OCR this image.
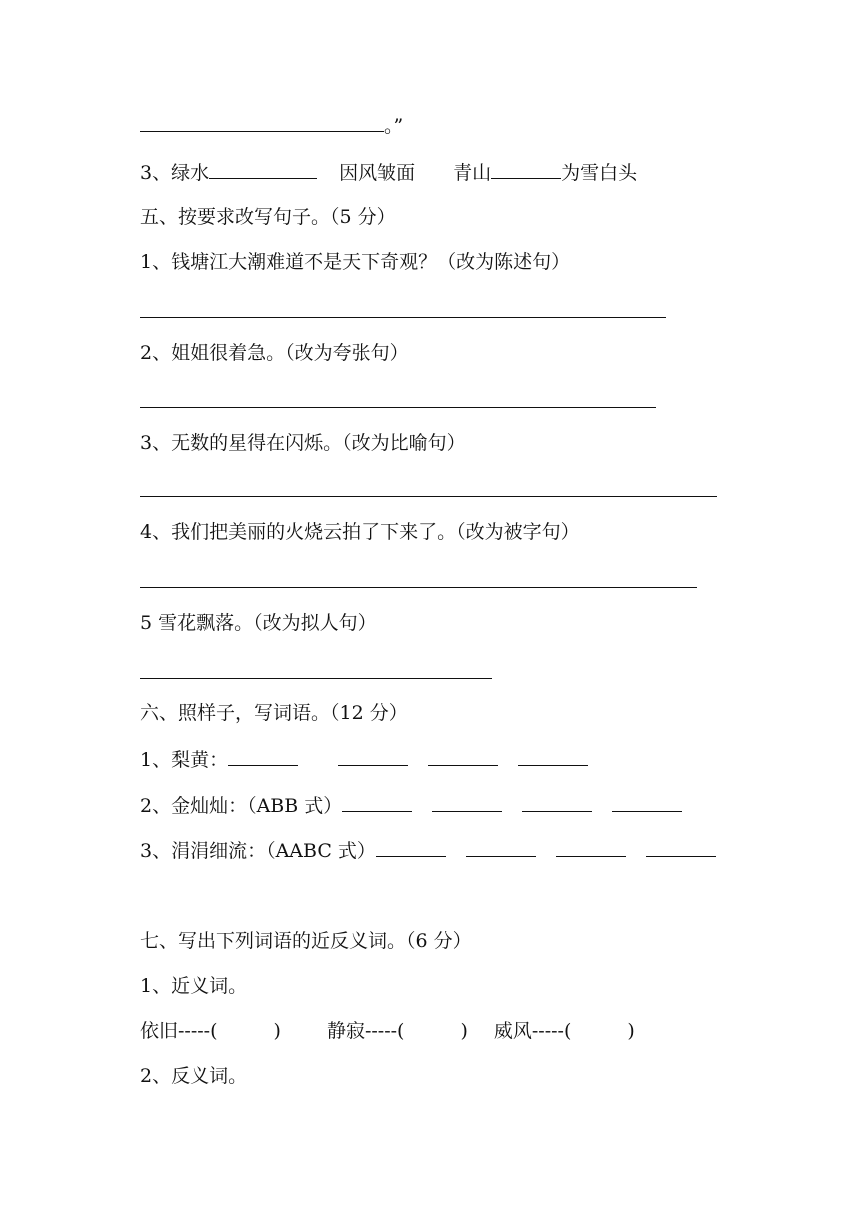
。”
3、绿水	因风皱面 青山	为雪白头
五、按要求改写句子。（5 分）
1、钱塘江大潮难道不是天下奇观？（改为陈述句）
2、姐姐很着急。（改为夸张句）
3、无数的星得在闪烁。（改为比喻句）
4、我们把美丽的火烧云拍了下来了。（改为被字句）
5 雪花飘落。（改为拟人句）
六、照样子，写词语。（12 分）
1、梨黄：
2、金灿灿：（ABB 式）
3、涓涓细流：（AABC 式）
七、写出下列词语的近反义词。（6 分）
1、近义词。
依旧-----(	) 静寂-----(	) 威风-----(	)
2、反义词。
